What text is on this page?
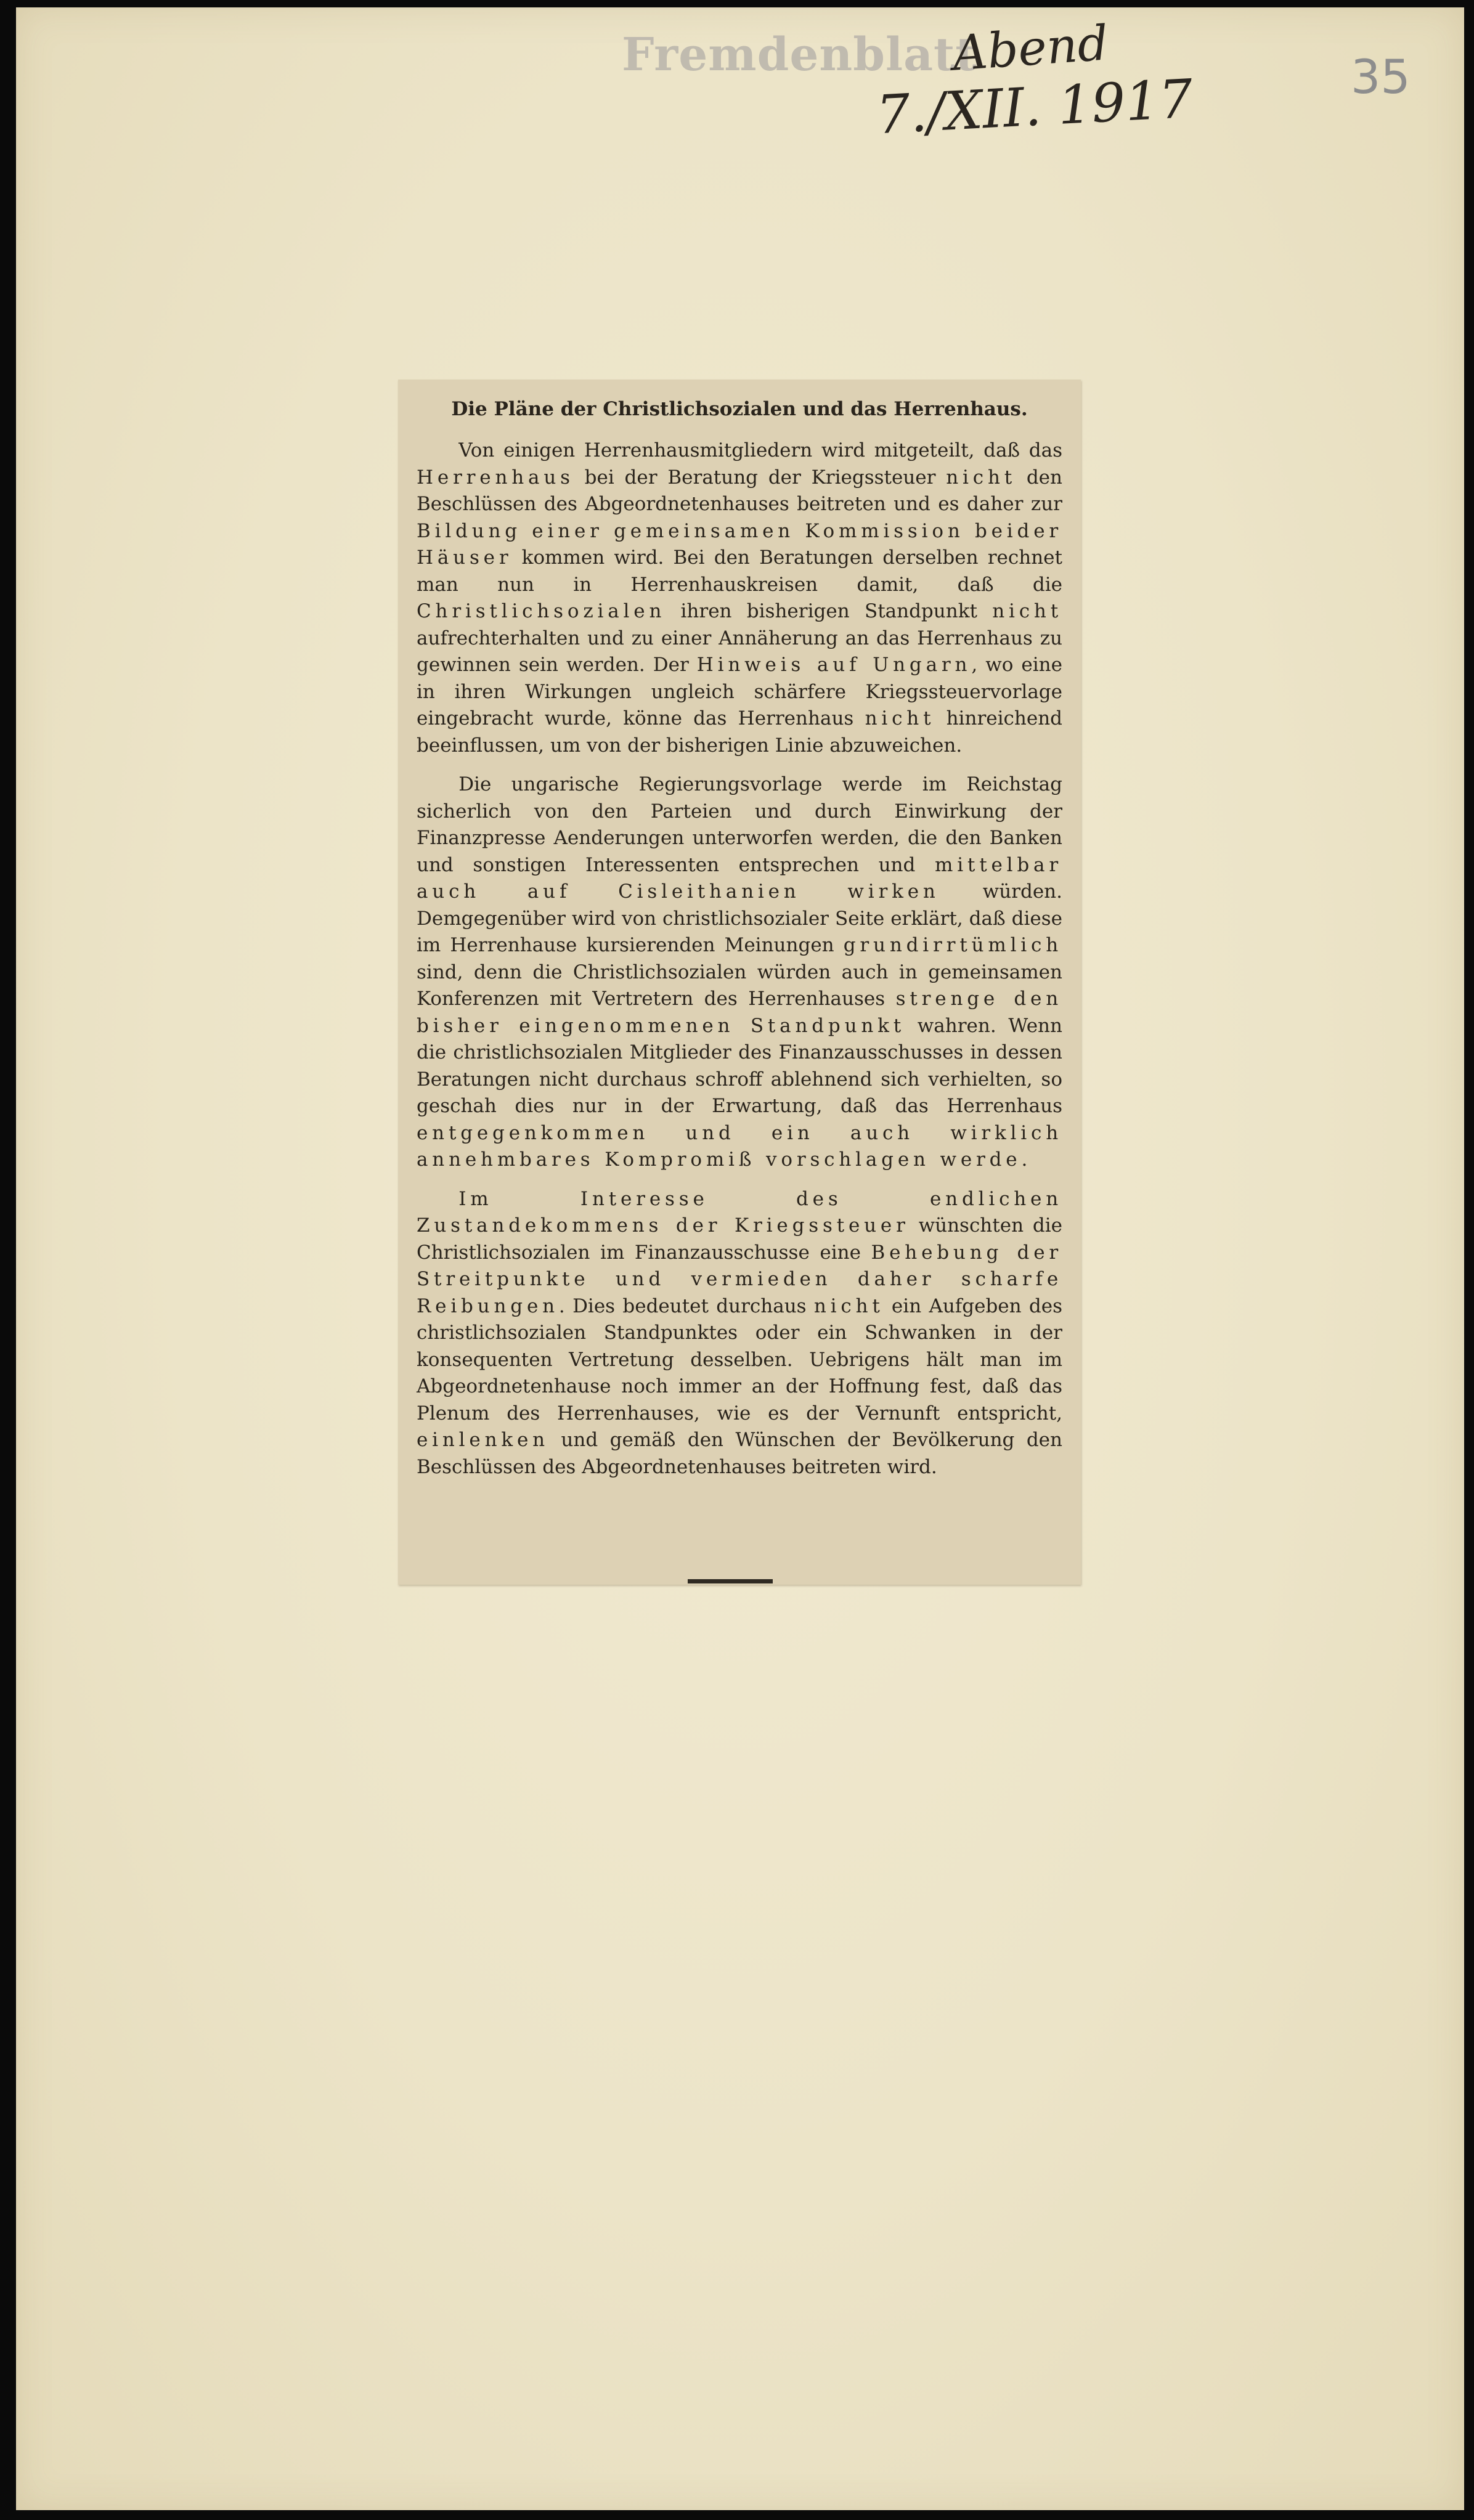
Fremdenblatt
Abend
7./XII. 1917	35
Die Pläne der Christlichsozialen und das Herrenhaus.

Von einigen Herrenhausmitgliedern wird mitgeteilt, daß das Herrenhaus bei der Beratung der Kriegssteuer nicht den Beschlüssen des Abgeordnetenhauses beitreten und es daher zur Bildung einer gemeinsamen Kommission beider Häuser kommen wird. Bei den Beratungen derselben rechnet man nun in Herrenhauskreisen damit, daß die Christlichsozialen ihren bisherigen Standpunkt nicht aufrechterhalten und zu einer Annäherung an das Herrenhaus zu gewinnen sein werden. Der Hinweis auf Ungarn, wo eine in ihren Wirkungen ungleich schärfere Kriegssteuervorlage eingebracht wurde, könne das Herrenhaus nicht hinreichend beeinflussen, um von der bisherigen Linie abzuweichen.

Die ungarische Regierungsvorlage werde im Reichstag sicherlich von den Parteien und durch Einwirkung der Finanzpresse Aenderungen unterworfen werden, die den Banken und sonstigen Interessenten entsprechen und mittelbar auch auf Cisleithanien wirken würden. Demgegenüber wird von christlichsozialer Seite erklärt, daß diese im Herrenhause kursierenden Meinungen grundirrtümlich sind, denn die Christlichsozialen würden auch in gemeinsamen Konferenzen mit Vertretern des Herrenhauses strenge den bisher eingenommenen Standpunkt wahren. Wenn die christlichsozialen Mitglieder des Finanzausschusses in dessen Beratungen nicht durchaus schroff ablehnend sich verhielten, so geschah dies nur in der Erwartung, daß das Herrenhaus entgegenkommen und ein auch wirklich annehmbares Kompromiß vorschlagen werde.

Im Interesse des endlichen Zustandekommens der Kriegssteuer wünschten die Christlichsozialen im Finanzausschusse eine Behebung der Streitpunkte und vermieden daher scharfe Reibungen. Dies bedeutet durchaus nicht ein Aufgeben des christlichsozialen Standpunktes oder ein Schwanken in der konsequenten Vertretung desselben. Uebrigens hält man im Abgeordnetenhause noch immer an der Hoffnung fest, daß das Plenum des Herrenhauses, wie es der Vernunft entspricht, einlenken und gemäß den Wünschen der Bevölkerung den Beschlüssen des Abgeordnetenhauses beitreten wird.
